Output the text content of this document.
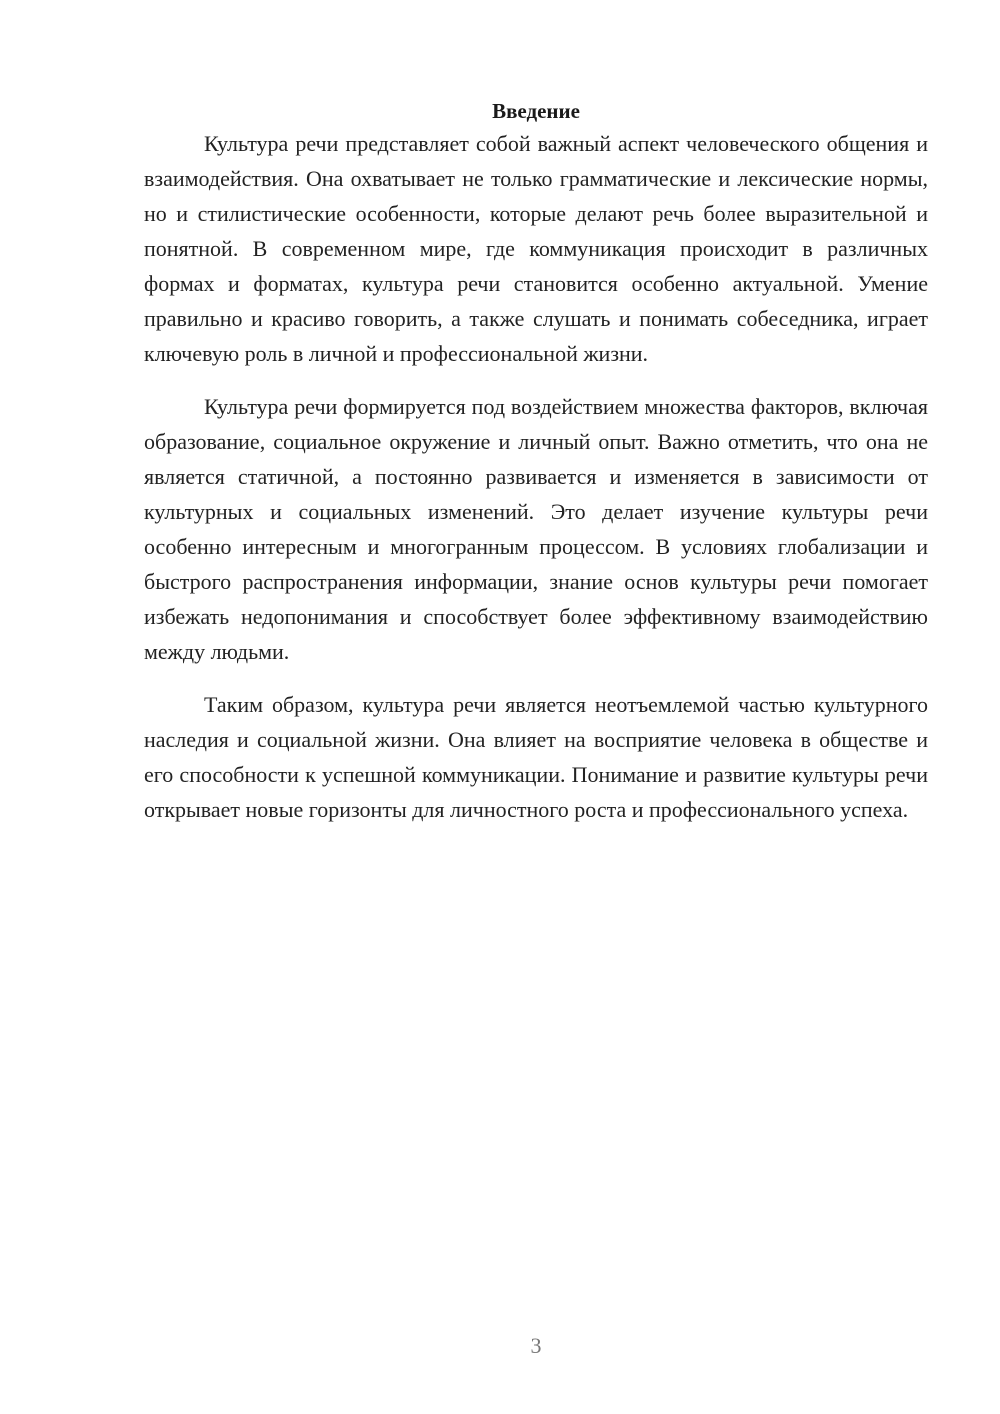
Введение

Культура речи представляет собой важный аспект человеческого общения и взаимодействия. Она охватывает не только грамматические и лексические нормы, но и стилистические особенности, которые делают речь более выразительной и понятной. В современном мире, где коммуникация происходит в различных формах и форматах, культура речи становится особенно актуальной. Умение правильно и красиво говорить, а также слушать и понимать собеседника, играет ключевую роль в личной и профессиональной жизни.

Культура речи формируется под воздействием множества факторов, включая образование, социальное окружение и личный опыт. Важно отметить, что она не является статичной, а постоянно развивается и изменяется в зависимости от культурных и социальных изменений. Это делает изучение культуры речи особенно интересным и многогранным процессом. В условиях глобализации и быстрого распространения информации, знание основ культуры речи помогает избежать недопонимания и способствует более эффективному взаимодействию между людьми.

Таким образом, культура речи является неотъемлемой частью культурного наследия и социальной жизни. Она влияет на восприятие человека в обществе и его способности к успешной коммуникации. Понимание и развитие культуры речи открывает новые горизонты для личностного роста и профессионального успеха.

3
